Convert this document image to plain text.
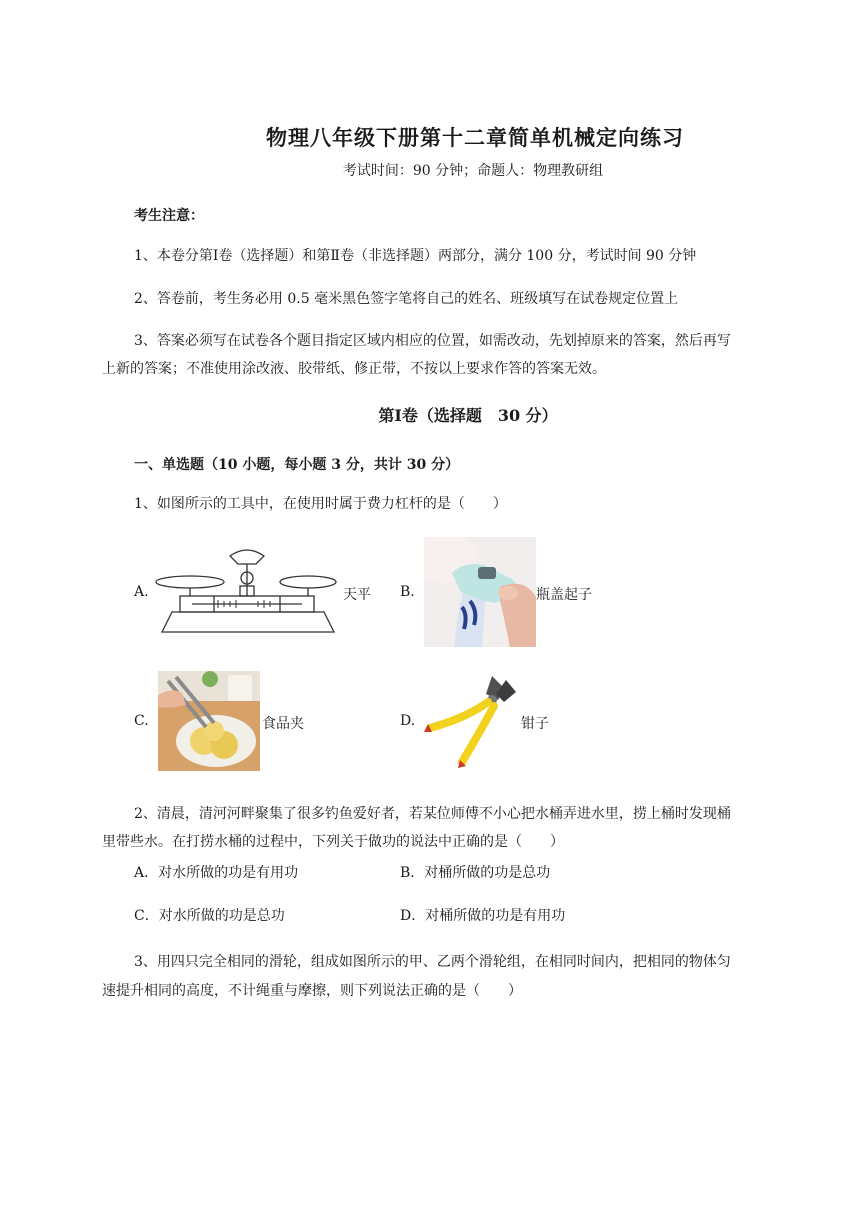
物理八年级下册第十二章简单机械定向练习
考试时间：90 分钟；命题人：物理教研组
考生注意：
1、本卷分第Ⅰ卷（选择题）和第Ⅱ卷（非选择题）两部分，满分 100 分，考试时间 90 分钟
2、答卷前，考生务必用 0.5 毫米黑色签字笔将自己的姓名、班级填写在试卷规定位置上
3、答案必须写在试卷各个题目指定区域内相应的位置，如需改动，先划掉原来的答案，然后再写
上新的答案；不准使用涂改液、胶带纸、修正带，不按以上要求作答的答案无效。
第Ⅰ卷（选择题　30 分）
一、单选题（10 小题，每小题 3 分，共计 30 分）
1、如图所示的工具中，在使用时属于费力杠杆的是（　　）
A.	天平 B.	瓶盖起子
C.	食品夹	D.	钳子
2、清晨，清河河畔聚集了很多钓鱼爱好者，若某位师傅不小心把水桶弄进水里，捞上桶时发现桶
里带些水。在打捞水桶的过程中，下列关于做功的说法中正确的是（　　）
A．对水所做的功是有用功	B．对桶所做的功是总功
C．对水所做的功是总功	D．对桶所做的功是有用功
3、用四只完全相同的滑轮，组成如图所示的甲、乙两个滑轮组，在相同时间内，把相同的物体匀
速提升相同的高度，不计绳重与摩擦，则下列说法正确的是（　　）
